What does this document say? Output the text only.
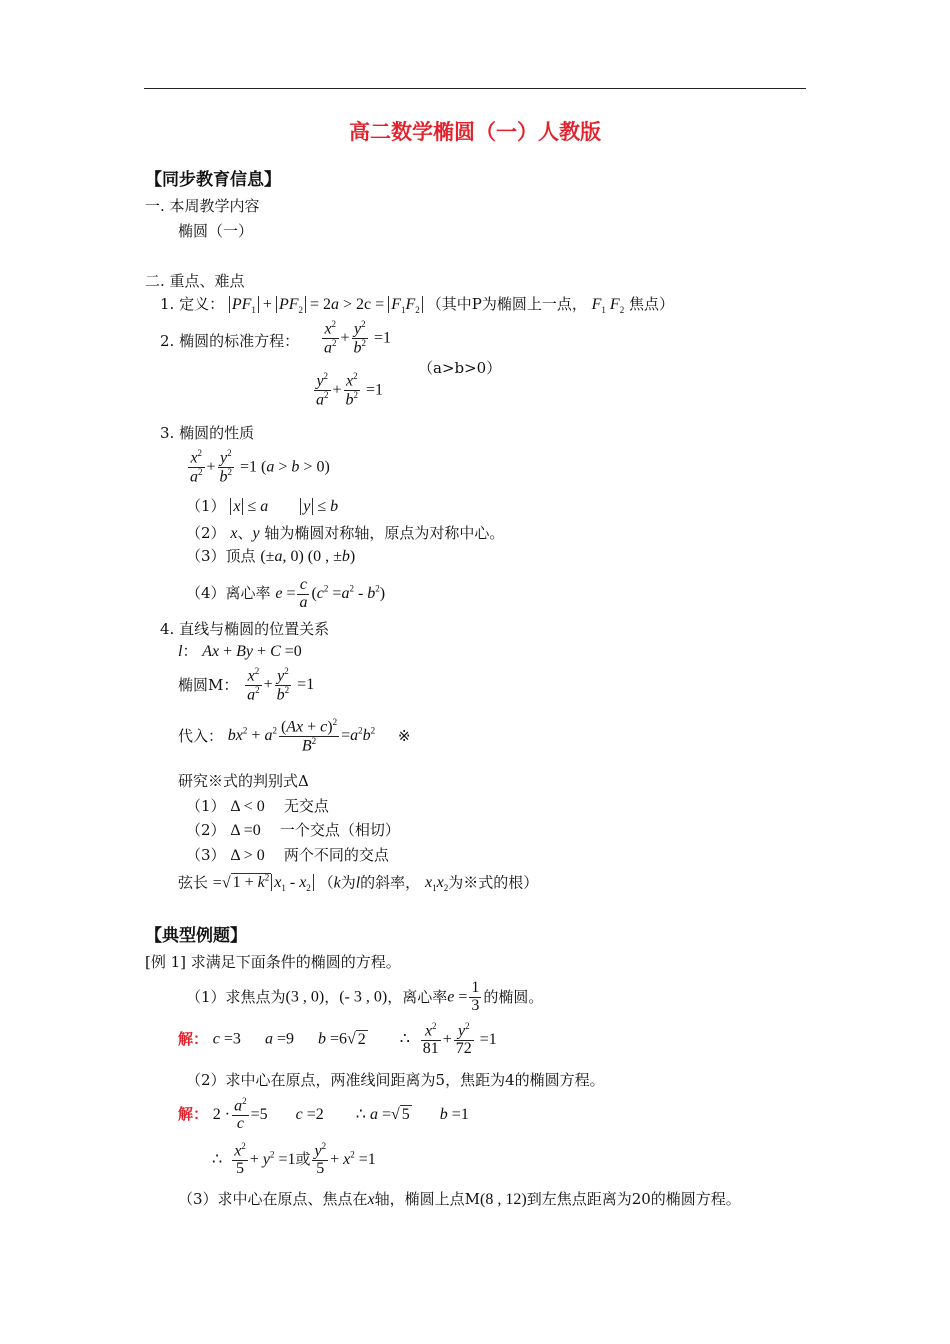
高二数学椭圆（一）人教版
【同步教育信息】
一. 本周教学内容
椭圆（一）
二. 重点、难点
1. 定义： $PF_1 + PF_2 = 2a > 2c = F_1F_2$ （其中P为椭圆上一点， $F_1$ $F_2$ 焦点）
2. 椭圆的标准方程： $\frac{x^2}{a^2} + \frac{y^2}{b^2} =1$
（a>b>0）
$\frac{y^2}{a^2} + \frac{x^2}{b^2} =1$
3. 椭圆的性质
$\frac{x^2}{a^2} + \frac{y^2}{b^2} =1$ (a > b > 0)
（1） x ≤ a        y ≤ b
（2） x、y 轴为椭圆对称轴，原点为对称中心。
（3）顶点 (±a, 0) (0 , ±b)
（4）离心率 $e = \frac{c}{a} (c^2 =a^2 - b^2)$
4. 直线与椭圆的位置关系
l： Ax + By + C =0
椭圆M： $\frac{x^2}{a^2} + \frac{y^2}{b^2} =1$
代入： $bx^2 + a^2 \frac{(Ax + c)^2}{B^2} =a^2b^2$ ※
研究※式的判别式Δ
（1） Δ < 0 无交点
（2） Δ =0 一个交点（相切）
（3） Δ > 0 两个不同的交点
弦长 =√ $1 + k^2$ $x_1 - x_2$ （k为l的斜率， $x_1x_2$为※式的根）
【典型例题】
[例 1] 求满足下面条件的椭圆的方程。
（1）求焦点为(3 , 0)，(- 3 , 0)，离心率$e = \frac{1}{3}$ 的椭圆。
解： c =3      a =9      b =6√ 2 ∴ $\frac{x^2}{81} + \frac{y^2}{72} =1$
（2）求中心在原点，两准线间距离为5，焦距为4的椭圆方程。
解： $2 \cdot \frac{a^2}{c} =5$       c =2 ∴ a =√ 5       b =1
∴ $\frac{x^2}{5} + y^2 =1$或 $\frac{y^2}{5} + x^2 =1$
（3）求中心在原点、焦点在x轴，椭圆上点M(8 , 12)到左焦点距离为20的椭圆方程。
